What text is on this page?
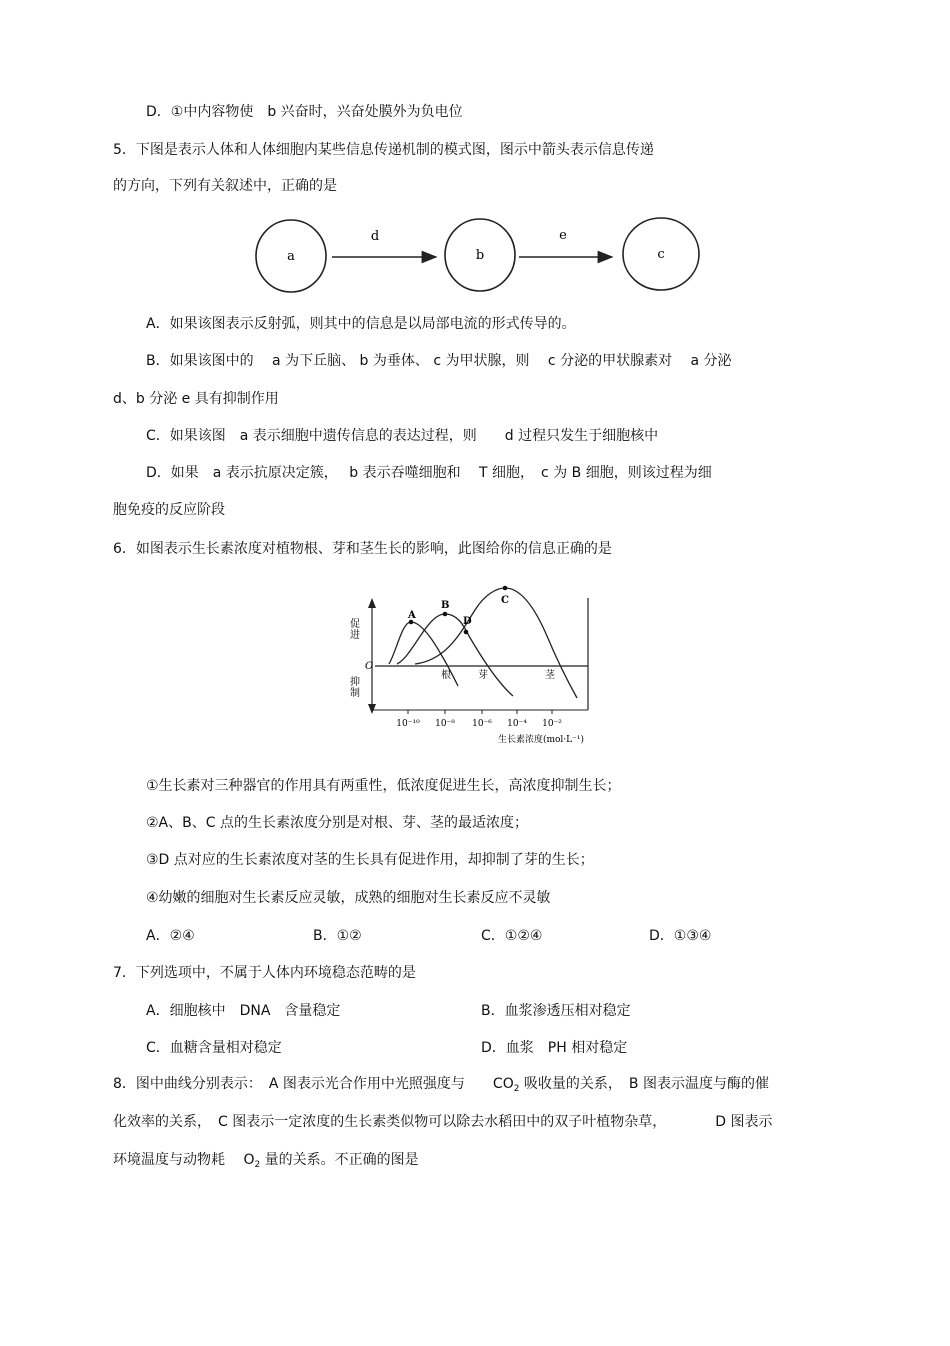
D．①中内容物使　b 兴奋时，兴奋处膜外为负电位
5．下图是表示人体和人体细胞内某些信息传递机制的模式图，图示中箭头表示信息传递
的方向，下列有关叙述中，正确的是
a
d
b
e
c
A．如果该图表示反射弧，则其中的信息是以局部电流的形式传导的。
B．如果该图中的　 a 为下丘脑、 b 为垂体、 c 为甲状腺，则　 c 分泌的甲状腺素对　 a 分泌
d、b 分泌 e 具有抑制作用
C．如果该图　a 表示细胞中遗传信息的表达过程，则　　d 过程只发生于细胞核中
D．如果　a 表示抗原决定簇，　 b 表示吞噬细胞和　 T 细胞，　c 为 B 细胞，则该过程为细
胞免疫的反应阶段
6．如图表示生长素浓度对植物根、芽和茎生长的影响，此图给你的信息正确的是
促进
抑制
O
A
B	C
D
根	芽	茎
10⁻¹⁰ 10⁻⁸ 10⁻⁶ 10⁻⁴ 10⁻²
生长素浓度(mol·L⁻¹)
①生长素对三种器官的作用具有两重性，低浓度促进生长，高浓度抑制生长；
②A、B、C 点的生长素浓度分别是对根、芽、茎的最适浓度；
③D 点对应的生长素浓度对茎的生长具有促进作用，却抑制了芽的生长；
④幼嫩的细胞对生长素反应灵敏，成熟的细胞对生长素反应不灵敏
A．②④	B．①②	C．①②④	D．①③④
7．下列选项中，不属于人体内环境稳态范畴的是
A．细胞核中　DNA　含量稳定	B．血浆渗透压相对稳定
C．血糖含量相对稳定	D．血浆　PH 相对稳定
8．图中曲线分别表示：　A 图表示光合作用中光照强度与　　$CO_2$ 吸收量的关系，　B 图表示温度与酶的催
化效率的关系，　C 图表示一定浓度的生长素类似物可以除去水稻田中的双子叶植物杂草，　　　　D 图表示
环境温度与动物耗　 $O_2$ 量的关系。不正确的图是
